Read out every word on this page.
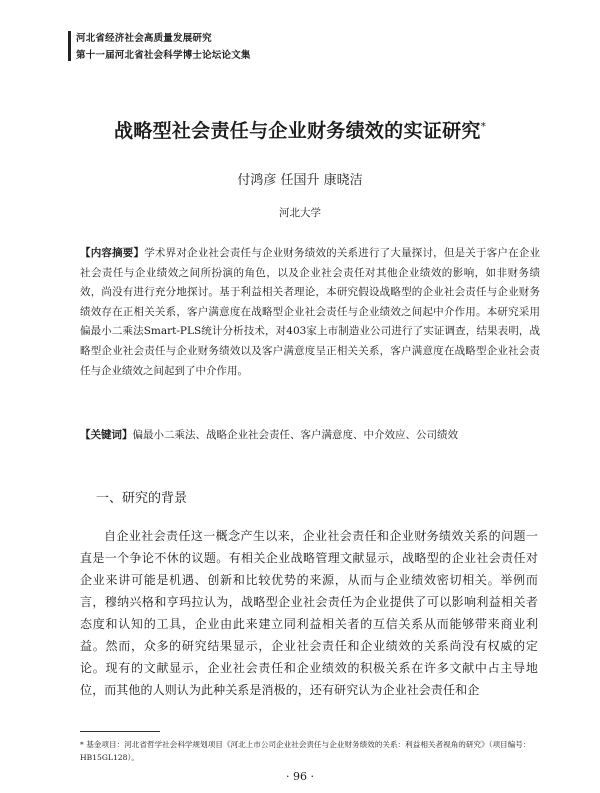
河北省经济社会高质量发展研究
第十一届河北省社会科学博士论坛论文集
战略型社会责任与企业财务绩效的实证研究*
付鸿彦 任国升 康晓洁
河北大学
【内容摘要】学术界对企业社会责任与企业财务绩效的关系进行了大量探讨，但是关于客户在企业社会责任与企业绩效之间所扮演的角色，以及企业社会责任对其他企业绩效的影响，如非财务绩效，尚没有进行充分地探讨。基于利益相关者理论，本研究假设战略型的企业社会责任与企业财务绩效存在正相关关系，客户满意度在战略型企业社会责任与企业绩效之间起中介作用。本研究采用偏最小二乘法Smart-PLS统计分析技术，对403家上市制造业公司进行了实证调查，结果表明，战略型企业社会责任与企业财务绩效以及客户满意度呈正相关关系，客户满意度在战略型企业社会责任与企业绩效之间起到了中介作用。
【关键词】偏最小二乘法、战略企业社会责任、客户满意度、中介效应、公司绩效
一、研究的背景
自企业社会责任这一概念产生以来，企业社会责任和企业财务绩效关系的问题一直是一个争论不休的议题。有相关企业战略管理文献显示，战略型的企业社会责任对企业来讲可能是机遇、创新和比较优势的来源，从而与企业绩效密切相关。举例而言，穆纳兴格和亨玛拉认为，战略型企业社会责任为企业提供了可以影响利益相关者态度和认知的工具，企业由此来建立同利益相关者的互信关系从而能够带来商业利益。然而，众多的研究结果显示，企业社会责任和企业绩效的关系尚没有权威的定论。现有的文献显示，企业社会责任和企业绩效的积极关系在许多文献中占主导地位，而其他的人则认为此种关系是消极的，还有研究认为企业社会责任和企
* 基金项目：河北省哲学社会科学规划项目《河北上市公司企业社会责任与企业财务绩效的关系：利益相关者视角的研究》（项目编号：HB15GL128）。
· 96 ·
